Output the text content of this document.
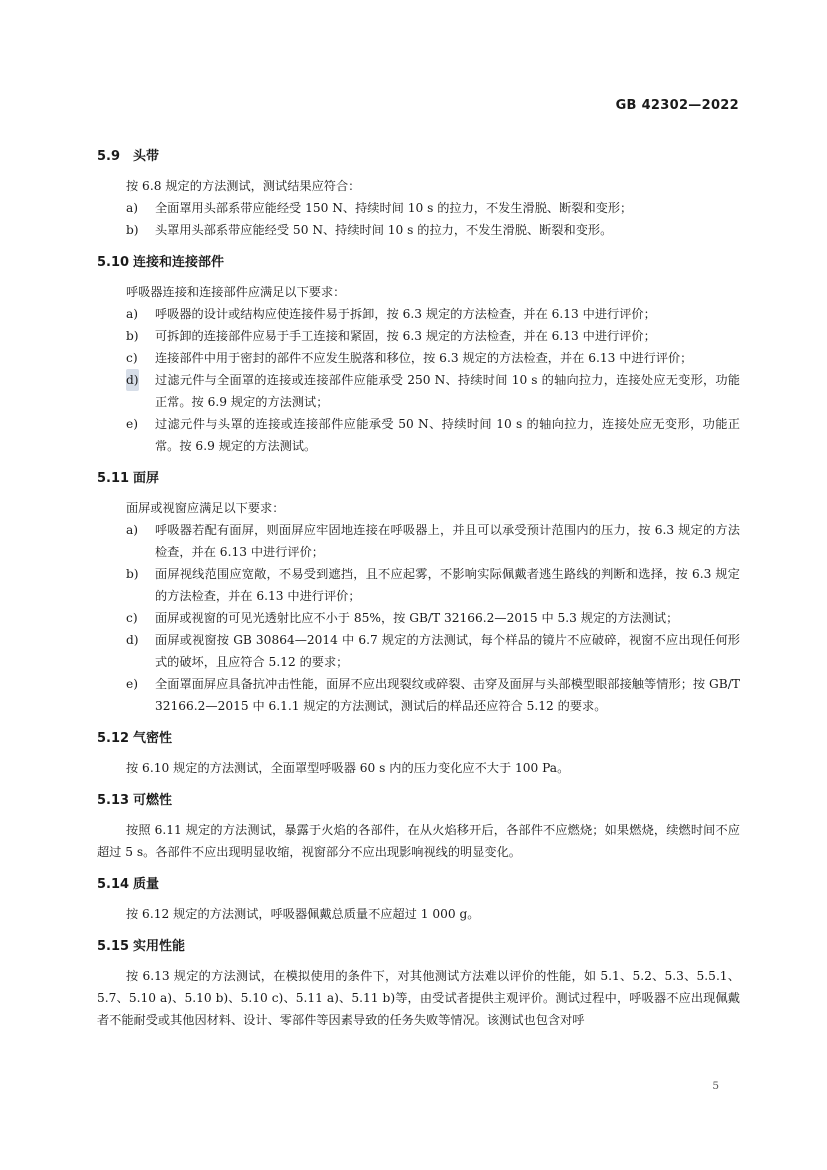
GB 42302—2022
5.9 头带
按 6.8 规定的方法测试，测试结果应符合：
a) 全面罩用头部系带应能经受 150 N、持续时间 10 s 的拉力，不发生滑脱、断裂和变形；
b) 头罩用头部系带应能经受 50 N、持续时间 10 s 的拉力，不发生滑脱、断裂和变形。
5.10 连接和连接部件
呼吸器连接和连接部件应满足以下要求：
a) 呼吸器的设计或结构应使连接件易于拆卸，按 6.3 规定的方法检查，并在 6.13 中进行评价；
b) 可拆卸的连接部件应易于手工连接和紧固，按 6.3 规定的方法检查，并在 6.13 中进行评价；
c) 连接部件中用于密封的部件不应发生脱落和移位，按 6.3 规定的方法检查，并在 6.13 中进行评价；
d) 过滤元件与全面罩的连接或连接部件应能承受 250 N、持续时间 10 s 的轴向拉力，连接处应无变形，功能正常。按 6.9 规定的方法测试；
e) 过滤元件与头罩的连接或连接部件应能承受 50 N、持续时间 10 s 的轴向拉力，连接处应无变形，功能正常。按 6.9 规定的方法测试。
5.11 面屏
面屏或视窗应满足以下要求：
a) 呼吸器若配有面屏，则面屏应牢固地连接在呼吸器上，并且可以承受预计范围内的压力，按 6.3 规定的方法检查，并在 6.13 中进行评价；
b) 面屏视线范围应宽敞，不易受到遮挡，且不应起雾，不影响实际佩戴者逃生路线的判断和选择，按 6.3 规定的方法检查，并在 6.13 中进行评价；
c) 面屏或视窗的可见光透射比应不小于 85%，按 GB/T 32166.2—2015 中 5.3 规定的方法测试；
d) 面屏或视窗按 GB 30864—2014 中 6.7 规定的方法测试，每个样品的镜片不应破碎，视窗不应出现任何形式的破坏，且应符合 5.12 的要求；
e) 全面罩面屏应具备抗冲击性能，面屏不应出现裂纹或碎裂、击穿及面屏与头部模型眼部接触等情形；按 GB/T 32166.2—2015 中 6.1.1 规定的方法测试，测试后的样品还应符合 5.12 的要求。
5.12 气密性
按 6.10 规定的方法测试，全面罩型呼吸器 60 s 内的压力变化应不大于 100 Pa。
5.13 可燃性
按照 6.11 规定的方法测试，暴露于火焰的各部件，在从火焰移开后，各部件不应燃烧；如果燃烧，续燃时间不应超过 5 s。各部件不应出现明显收缩，视窗部分不应出现影响视线的明显变化。
5.14 质量
按 6.12 规定的方法测试，呼吸器佩戴总质量不应超过 1 000 g。
5.15 实用性能
按 6.13 规定的方法测试，在模拟使用的条件下，对其他测试方法难以评价的性能，如 5.1、5.2、5.3、5.5.1、5.7、5.10 a)、5.10 b)、5.10 c)、5.11 a)、5.11 b)等，由受试者提供主观评价。测试过程中，呼吸器不应出现佩戴者不能耐受或其他因材料、设计、零部件等因素导致的任务失败等情况。该测试也包含对呼
5
